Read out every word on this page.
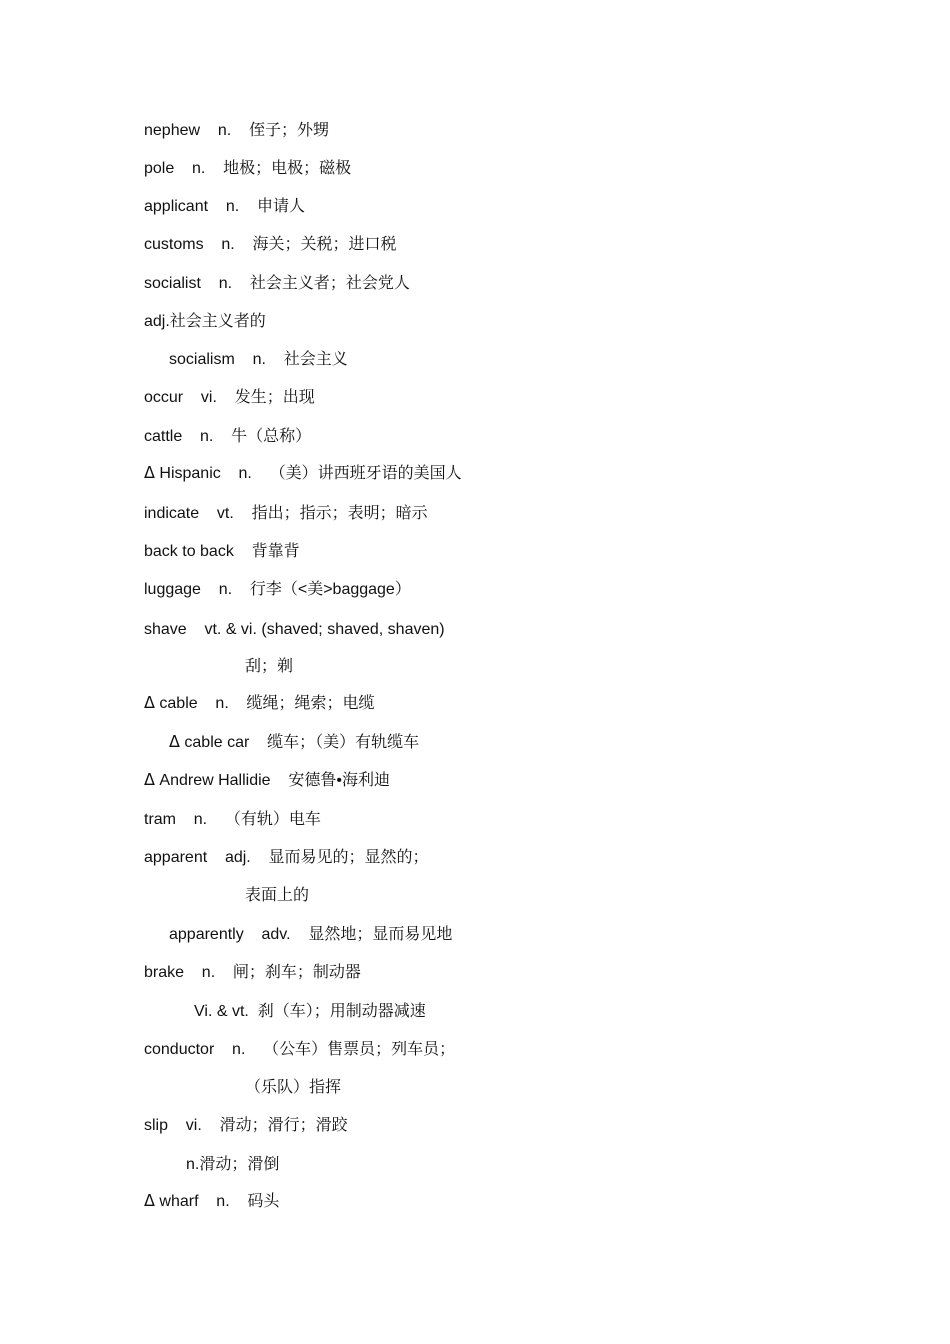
nephew    n.    侄子；外甥
pole    n.    地极；电极；磁极
applicant    n.    申请人
customs    n.    海关；关税；进口税
socialist    n.    社会主义者；社会党人
adj.社会主义者的
socialism    n.    社会主义
occur    vi.    发生；出现
cattle    n.    牛（总称）
ᐃ Hispanic    n.    （美）讲西班牙语的美国人
indicate    vt.    指出；指示；表明；暗示
back to back    背靠背
luggage    n.    行李（<美>baggage）
shave    vt. & vi. (shaved; shaved, shaven)
刮；剃
ᐃ cable    n.    缆绳；绳索；电缆
ᐃ cable car    缆车；（美）有轨缆车
ᐃ Andrew Hallidie    安德鲁•海利迪
tram    n.    （有轨）电车
apparent    adj.    显而易见的；显然的；
表面上的
apparently    adv.    显然地；显而易见地
brake    n.    闸；刹车；制动器
Vi. & vt.  刹（车）；用制动器减速
conductor    n.    （公车）售票员；列车员；
（乐队）指挥
slip    vi.    滑动；滑行；滑跤
n.滑动；滑倒
ᐃ wharf    n.    码头
